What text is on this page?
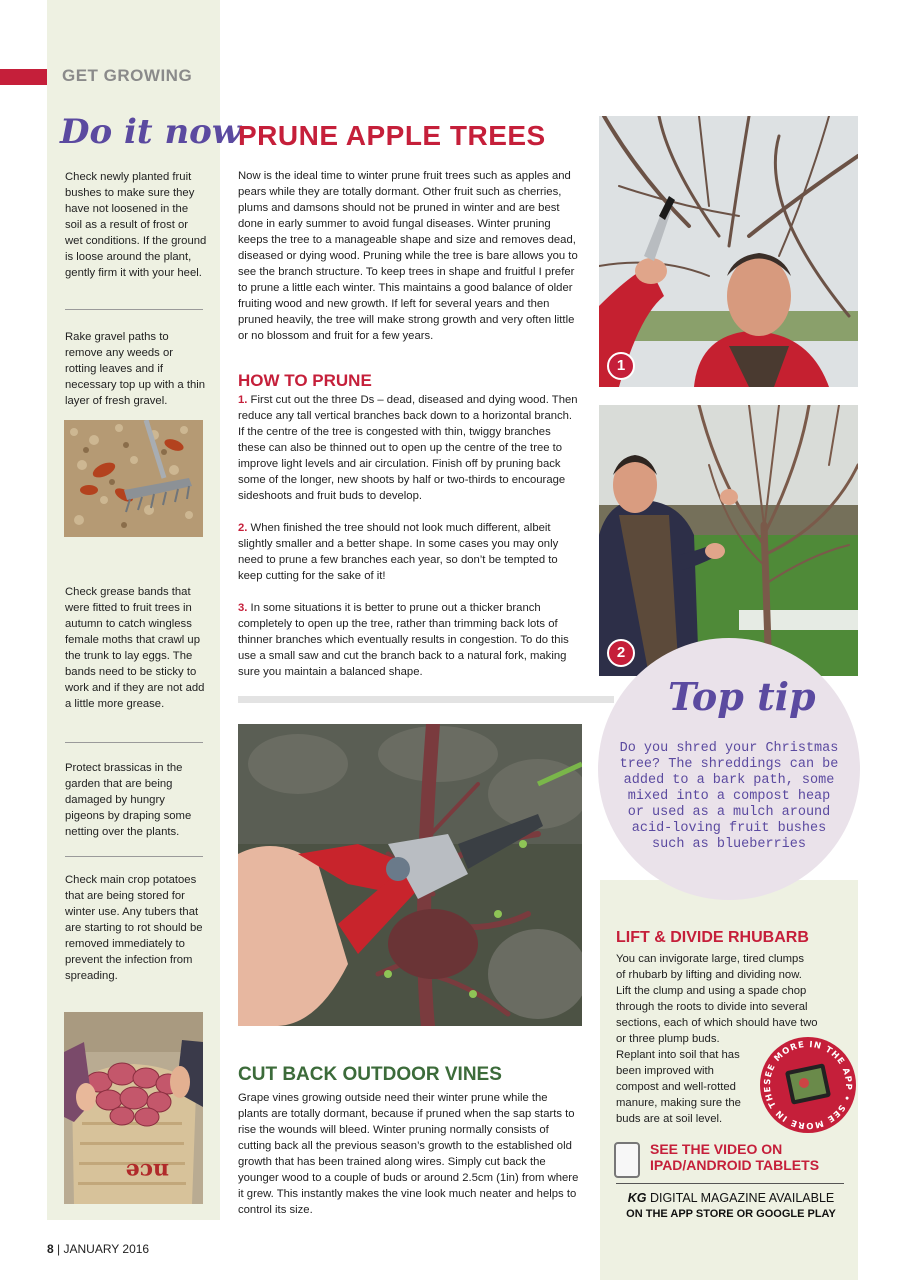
GET GROWING
Do it now
Check newly planted fruit bushes to make sure they have not loosened in the soil as a result of frost or wet conditions. If the ground is loose around the plant, gently firm it with your heel.
Rake gravel paths to remove any weeds or rotting leaves and if necessary top up with a thin layer of fresh gravel.
Check grease bands that were fitted to fruit trees in autumn to catch wingless female moths that crawl up the trunk to lay eggs. The bands need to be sticky to work and if they are not add a little more grease.
Protect brassicas in the garden that are being damaged by hungry pigeons by draping some netting over the plants.
Check main crop potatoes that are being stored for winter use. Any tubers that are starting to rot should be removed immediately to prevent the infection from spreading.
nce
PRUNE APPLE TREES
Now is the ideal time to winter prune fruit trees such as apples and pears while they are totally dormant. Other fruit such as cherries, plums and damsons should not be pruned in winter and are best done in early summer to avoid fungal diseases. Winter pruning keeps the tree to a manageable shape and size and removes dead, diseased or dying wood. Pruning while the tree is bare allows you to see the branch structure. To keep trees in shape and fruitful I prefer to prune a little each winter. This maintains a good balance of older fruiting wood and new growth. If left for several years and then pruned heavily, the tree will make strong growth and very often little or no blossom and fruit for a few years.
HOW TO PRUNE
1. First cut out the three Ds – dead, diseased and dying wood. Then reduce any tall vertical branches back down to a horizontal branch. If the centre of the tree is congested with thin, twiggy branches these can also be thinned out to open up the centre of the tree to improve light levels and air circulation. Finish off by pruning back some of the longer, new shoots by half or two-thirds to encourage sideshoots and fruit buds to develop.
2. When finished the tree should not look much different, albeit slightly smaller and a better shape. In some cases you may only need to prune a few branches each year, so don’t be tempted to keep cutting for the sake of it!
3. In some situations it is better to prune out a thicker branch completely to open up the tree, rather than trimming back lots of thinner branches which eventually results in congestion. To do this use a small saw and cut the branch back to a natural fork, making sure you maintain a balanced shape.
1
2
Top tip
Do you shred your Christmas tree? The shreddings can be added to a bark path, some mixed into a compost heap or used as a mulch around acid-loving fruit bushes such as blueberries
CUT BACK OUTDOOR VINES
Grape vines growing outside need their winter prune while the plants are totally dormant, because if pruned when the sap starts to rise the wounds will bleed. Winter pruning normally consists of cutting back all the previous season’s growth to the established old growth that has been trained along wires. Simply cut back the younger wood to a couple of buds or around 2.5cm (1in) from where it grew. This instantly makes the vine look much neater and helps to control its size.
LIFT & DIVIDE RHUBARB
You can invigorate large, tired clumps
of rhubarb by lifting and dividing now.
Lift the clump and using a spade chop
through the roots to divide into several
sections, each of which should have two
or three plump buds.
Replant into soil that has
been improved with
compost and well-rotted
manure, making sure the
buds are at soil level.
SEE MORE IN THE APP • SEE MORE IN THE
SEE THE VIDEO ON
IPAD/ANDROID TABLETS
KG DIGITAL MAGAZINE AVAILABLE
ON THE APP STORE OR GOOGLE PLAY
8 | JANUARY 2016
